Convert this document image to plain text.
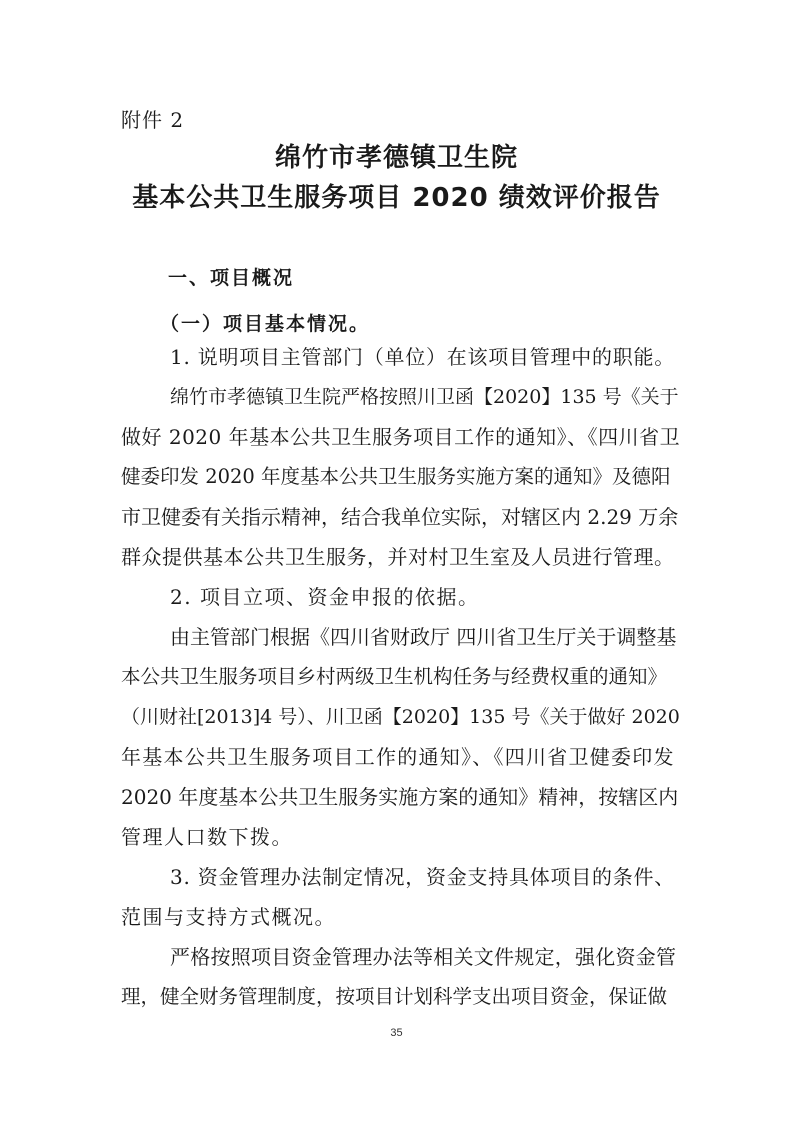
附件 2
绵竹市孝德镇卫生院
基本公共卫生服务项目 2020 绩效评价报告
一、项目概况
（一）项目基本情况。
1. 说明项目主管部门（单位）在该项目管理中的职能。
绵竹市孝德镇卫生院严格按照川卫函【2020】135 号《关于
做好 2020 年基本公共卫生服务项目工作的通知》、《四川省卫
健委印发 2020 年度基本公共卫生服务实施方案的通知》及德阳
市卫健委有关指示精神，结合我单位实际，对辖区内 2.29 万余
群众提供基本公共卫生服务，并对村卫生室及人员进行管理。
2. 项目立项、资金申报的依据。
由主管部门根据《四川省财政厅 四川省卫生厅关于调整基
本公共卫生服务项目乡村两级卫生机构任务与经费权重的通知》
（川财社[2013]4 号）、川卫函【2020】135 号《关于做好 2020
年基本公共卫生服务项目工作的通知》、《四川省卫健委印发
2020 年度基本公共卫生服务实施方案的通知》精神，按辖区内
管理人口数下拨。
3. 资金管理办法制定情况，资金支持具体项目的条件、
范围与支持方式概况。
严格按照项目资金管理办法等相关文件规定，强化资金管
理，健全财务管理制度，按项目计划科学支出项目资金，保证做
35
